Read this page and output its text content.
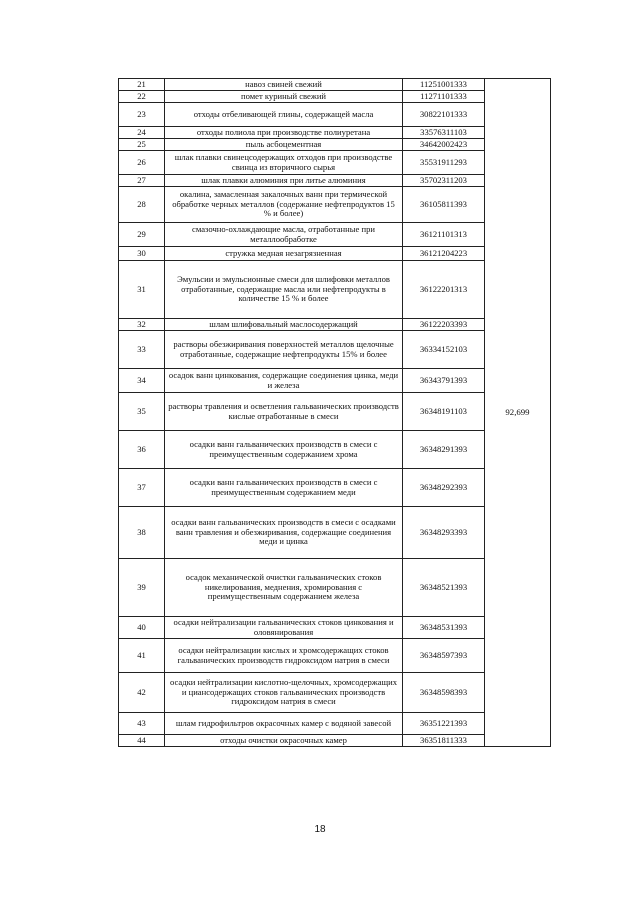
21	навоз свиней свежий	11251001333	92,699
22	помет куриный свежий	11271101333	
23	отходы отбеливающей глины, содержащей масла	30822101333	
24	отходы полиола при производстве полиуретана	33576311103	
25	пыль асбоцементная	34642002423	
26	шлак плавки свинецсодержащих отходов при производстве свинца из вторичного сырья	35531911293	
27	шлак плавки алюминия при литье алюминия	35702311203	
28	окалина, замасленная закалочных ванн при термической обработке черных металлов (содержание нефтепродуктов 15 % и более)	36105811393	
29	смазочно-охлаждающие масла, отработанные при металлообработке	36121101313	
30	стружка медная незагрязненная	36121204223	
31	Эмульсии и эмульсионные смеси для шлифовки металлов отработанные, содержащие масла или нефтепродукты в количестве 15 % и более	36122201313	
32	шлам шлифовальный маслосодержащий	36122203393	
33	растворы обезжиривания поверхностей металлов щелочные отработанные, содержащие нефтепродукты 15% и более	36334152103	
34	осадок ванн цинкования, содержащие соединения цинка, меди и железа	36343791393	
35	растворы травления и осветления гальванических производств кислые отработанные в смеси	36348191103	
36	осадки ванн гальванических производств в смеси с преимущественным содержанием хрома	36348291393	
37	осадки ванн гальванических производств в смеси с преимущественным содержанием меди	36348292393	
38	осадки ванн гальванических производств в смеси с осадками ванн травления и обезжиривания, содержащие соединения меди и цинка	36348293393	
39	осадок механической очистки гальванических стоков никелирования, меднения, хромирования с преимущественным содержанием железа	36348521393	
40	осадки нейтрализации гальванических стоков цинкования и оловянирования	36348531393	
41	осадки нейтрализации кислых и хромсодержащих стоков гальванических производств гидроксидом натрия в смеси	36348597393	
42	осадки нейтрализации кислотно-щелочных, хромсодержащих и циансодержащих стоков гальванических производств гидроксидом натрия в смеси	36348598393	
43	шлам гидрофильтров окрасочных камер с водяной завесой	36351221393	
44	отходы очистки окрасочных камер	36351811333	
18
